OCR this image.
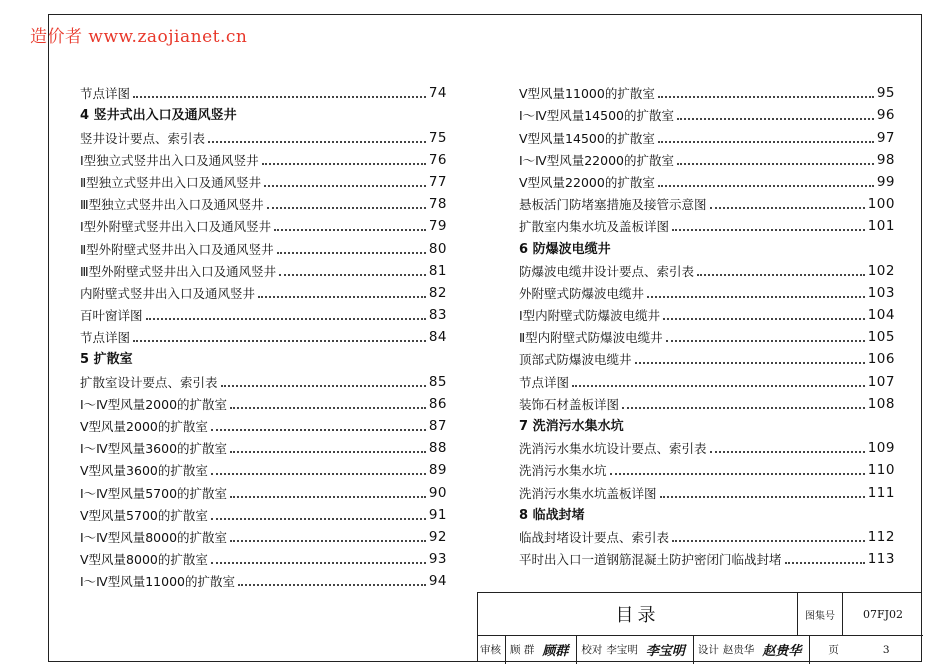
造价者 www.zaojianet.cn
节点详图	74
4 竖井式出入口及通风竖井
竖井设计要点、索引表	75
Ⅰ型独立式竖井出入口及通风竖井	76
Ⅱ型独立式竖井出入口及通风竖井	77
Ⅲ型独立式竖井出入口及通风竖井	78
Ⅰ型外附壁式竖井出入口及通风竖井	79
Ⅱ型外附壁式竖井出入口及通风竖井	80
Ⅲ型外附壁式竖井出入口及通风竖井	81
内附壁式竖井出入口及通风竖井	82
百叶窗详图	83
节点详图	84
5 扩散室
扩散室设计要点、索引表	85
Ⅰ～Ⅳ型风量2000的扩散室	86
Ⅴ型风量2000的扩散室	87
Ⅰ～Ⅳ型风量3600的扩散室	88
Ⅴ型风量3600的扩散室	89
Ⅰ～Ⅳ型风量5700的扩散室	90
Ⅴ型风量5700的扩散室	91
Ⅰ～Ⅳ型风量8000的扩散室	92
Ⅴ型风量8000的扩散室	93
Ⅰ～Ⅳ型风量11000的扩散室	94
Ⅴ型风量11000的扩散室	95
Ⅰ～Ⅳ型风量14500的扩散室	96
Ⅴ型风量14500的扩散室	97
Ⅰ～Ⅳ型风量22000的扩散室	98
Ⅴ型风量22000的扩散室	99
悬板活门防堵塞措施及接管示意图	100
扩散室内集水坑及盖板详图	101
6 防爆波电缆井
防爆波电缆井设计要点、索引表	102
外附壁式防爆波电缆井	103
Ⅰ型内附壁式防爆波电缆井	104
Ⅱ型内附壁式防爆波电缆井	105
顶部式防爆波电缆井	106
节点详图	107
装饰石材盖板详图	108
7 洗消污水集水坑
洗消污水集水坑设计要点、索引表	109
洗消污水集水坑	110
洗消污水集水坑盖板详图	111
8 临战封堵
临战封堵设计要点、索引表	112
平时出入口一道钢筋混凝土防护密闭门临战封堵	113
目录	图集号	07FJ02
审核 顾 群 顾群	校对 李宝明 李宝明	设计 赵贵华 赵贵华	页	3
